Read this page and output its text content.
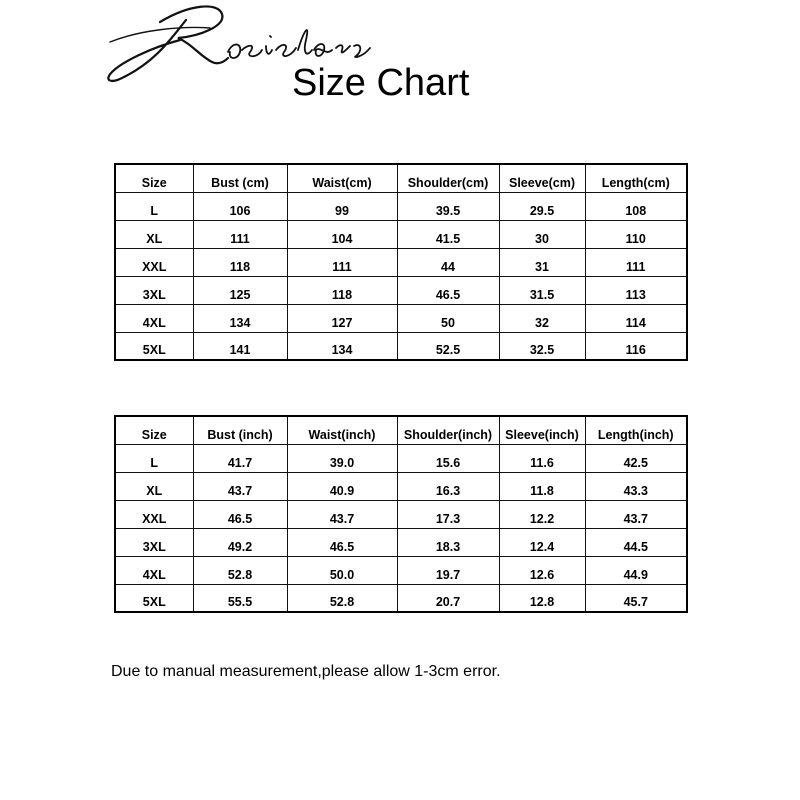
Size Chart
Size	Bust (cm)	Waist(cm)	Shoulder(cm)	Sleeve(cm)	Length(cm)
L	106	99	39.5	29.5	108
XL	111	104	41.5	30	110
XXL	118	111	44	31	111
3XL	125	118	46.5	31.5	113
4XL	134	127	50	32	114
5XL	141	134	52.5	32.5	116
Size	Bust (inch)	Waist(inch)	Shoulder(inch)	Sleeve(inch)	Length(inch)
L	41.7	39.0	15.6	11.6	42.5
XL	43.7	40.9	16.3	11.8	43.3
XXL	46.5	43.7	17.3	12.2	43.7
3XL	49.2	46.5	18.3	12.4	44.5
4XL	52.8	50.0	19.7	12.6	44.9
5XL	55.5	52.8	20.7	12.8	45.7
Due to manual measurement,please allow 1-3cm error.
